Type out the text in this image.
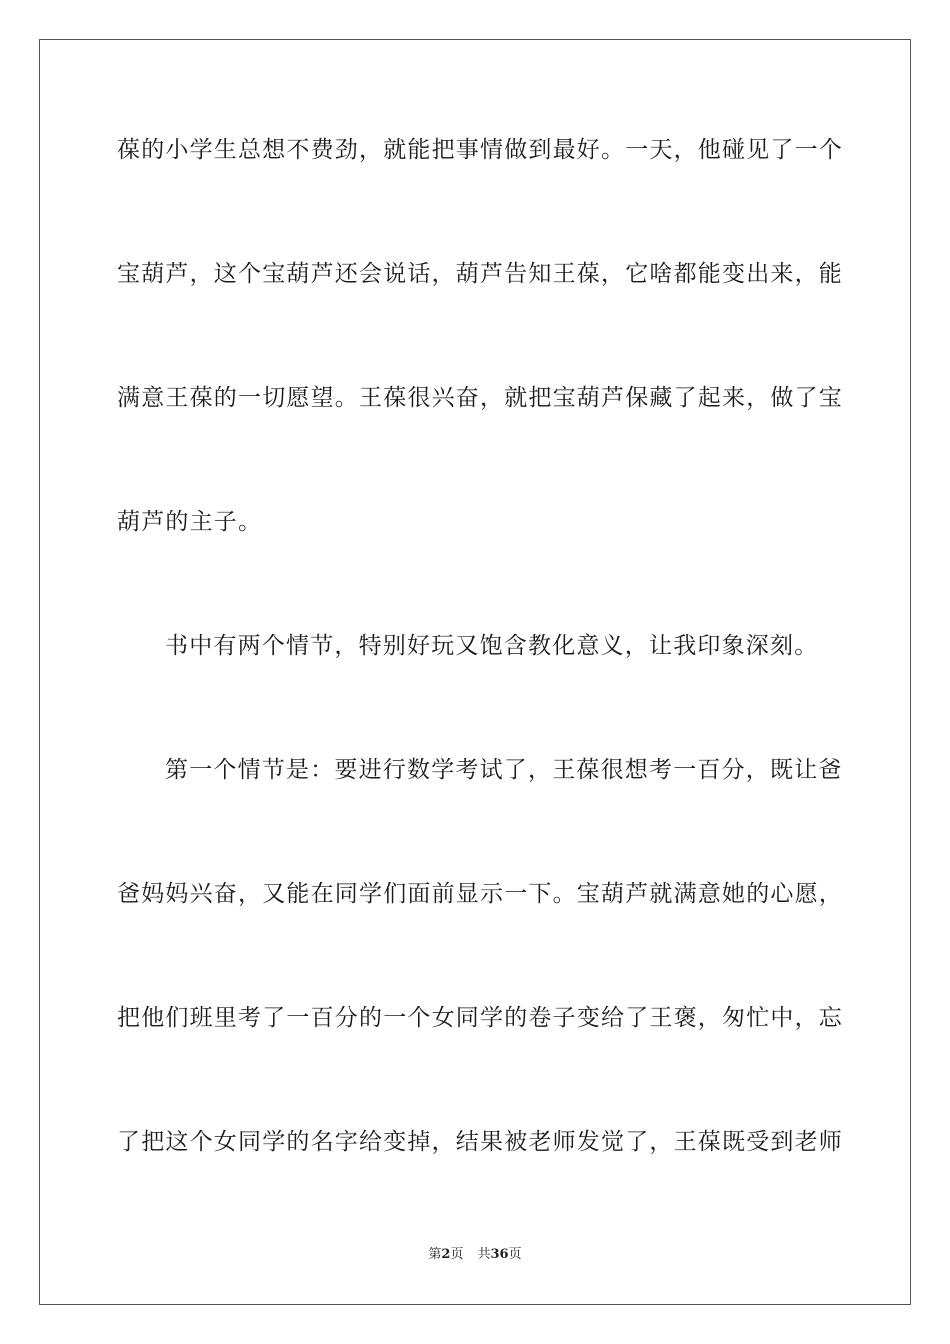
葆的小学生总想不费劲，就能把事情做到最好。一天，他碰见了一个
宝葫芦，这个宝葫芦还会说话，葫芦告知王葆，它啥都能变出来，能
满意王葆的一切愿望。王葆很兴奋，就把宝葫芦保藏了起来，做了宝
葫芦的主子。
书中有两个情节，特别好玩又饱含教化意义，让我印象深刻。
第一个情节是：要进行数学考试了，王葆很想考一百分，既让爸
爸妈妈兴奋，又能在同学们面前显示一下。宝葫芦就满意她的心愿，
把他们班里考了一百分的一个女同学的卷子变给了王褒，匆忙中，忘
了把这个女同学的名字给变掉，结果被老师发觉了，王葆既受到老师
第2页 共36页
